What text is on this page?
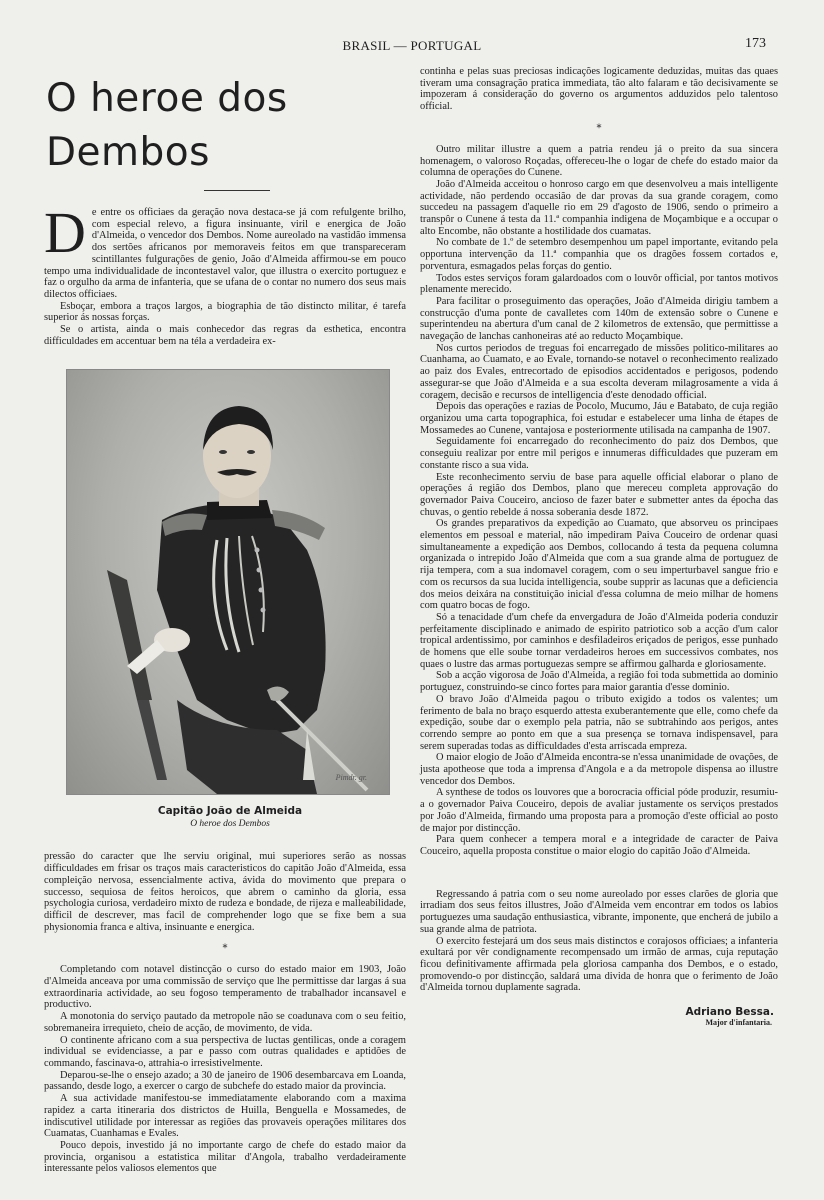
BRASIL — PORTUGAL	173
O heroe dos Dembos

De entre os officiaes da geração nova destaca-se já com refulgente brilho, com especial relevo, a figura insinuante, viril e energica de João d'Almeida, o vencedor dos Dembos. Nome aureolado na vastidão immensa dos sertões africanos por memoraveis feitos em que transpareceram scintillantes fulgurações de genio, João d'Almeida affirmou-se em pouco tempo uma individualidade de incontestavel valor, que illustra o exercito portuguez e faz o orgulho da arma de infanteria, que se ufana de o contar no numero dos seus mais dilectos officiaes.

Esboçar, embora a traços largos, a biographia de tão distincto militar, é tarefa superior ás nossas forças.

Se o artista, ainda o mais conhecedor das regras da esthetica, encontra difficuldades em accentuar bem na téla a verdadeira ex-

Pimdr. gr.
Capitão João de Almeida
O heroe dos Dembos

pressão do caracter que lhe serviu original, mui superiores serão as nossas difficuldades em frisar os traços mais caracteristicos do capitão João d'Almeida, essa compleição nervosa, essencialmente activa, ávida do movimento que prepara o successo, sequiosa de feitos heroicos, que abrem o caminho da gloria, essa psychologia curiosa, verdadeiro mixto de rudeza e bondade, de rijeza e malleabilidade, difficil de descrever, mas facil de comprehender logo que se fixe bem a sua physionomia franca e altiva, insinuante e energica.

*

Completando com notavel distincção o curso do estado maior em 1903, João d'Almeida anceava por uma commissão de serviço que lhe permittisse dar largas á sua extraordinaria actividade, ao seu fogoso temperamento de trabalhador incansavel e productivo.

A monotonia do serviço pautado da metropole não se coadunava com o seu feitio, sobremaneira irrequieto, cheio de acção, de movimento, de vida.

O continente africano com a sua perspectiva de luctas gentilicas, onde a coragem individual se evidenciasse, a par e passo com outras qualidades e aptidões de commando, fascinava-o, attrahia-o irresistivelmente.

Deparou-se-lhe o ensejo azado; a 30 de janeiro de 1906 desembarcava em Loanda, passando, desde logo, a exercer o cargo de subchefe do estado maior da provincia.

A sua actividade manifestou-se immediatamente elaborando com a maxima rapidez a carta itineraria dos districtos de Huilla, Benguella e Mossamedes, de indiscutivel utilidade por interessar as regiões das provaveis operações militares dos Cuamatas, Cuanhamas e Evales.

Pouco depois, investido já no importante cargo de chefe do estado maior da provincia, organisou a estatistica militar d'Angola, trabalho verdadeiramente interessante pelos valiosos elementos que

continha e pelas suas preciosas indicações logicamente deduzidas, muitas das quaes tiveram uma consagração pratica immediata, tão alto falaram e tão decisivamente se impozeram á consideração do governo os argumentos adduzidos pelo talentoso official.

*

Outro militar illustre a quem a patria rendeu já o preito da sua sincera homenagem, o valoroso Roçadas, offereceu-lhe o logar de chefe do estado maior da columna de operações do Cunene.

João d'Almeida acceitou o honroso cargo em que desenvolveu a mais intelligente actividade, não perdendo occasião de dar provas da sua grande coragem, como succedeu na passagem d'aquelle rio em 29 d'agosto de 1906, sendo o primeiro a transpôr o Cunene á testa da 11.ª companhia indigena de Moçambique e a occupar o alto Encombe, não obstante a hostilidade dos cuamatas.

No combate de 1.º de setembro desempenhou um papel importante, evitando pela opportuna intervenção da 11.ª companhia que os dragões fossem cortados e, porventura, esmagados pelas forças do gentio.

Todos estes serviços foram galardoados com o louvôr official, por tantos motivos plenamente merecido.

Para facilitar o proseguimento das operações, João d'Almeida dirigiu tambem a construcção d'uma ponte de cavalletes com 140m de extensão sobre o Cunene e superintendeu na abertura d'um canal de 2 kilometros de extensão, que permittisse a navegação de lanchas canhoneiras até ao reducto Moçambique.

Nos curtos periodos de treguas foi encarregado de missões politico-militares ao Cuanhama, ao Cuamato, e ao Evale, tornando-se notavel o reconhecimento realizado ao paiz dos Evales, entrecortado de episodios accidentados e perigosos, podendo assegurar-se que João d'Almeida e a sua escolta deveram milagrosamente a vida á coragem, decisão e recursos de intelligencia d'este denodado official.

Depois das operações e razias de Pocolo, Mucumo, Jáu e Batabato, de cuja região organizou uma carta topographica, foi estudar e estabelecer uma linha de étapes de Mossamedes ao Cunene, vantajosa e posteriormente utilisada na campanha de 1907.

Seguidamente foi encarregado do reconhecimento do paiz dos Dembos, que conseguiu realizar por entre mil perigos e innumeras difficuldades que puzeram em constante risco a sua vida.

Este reconhecimento serviu de base para aquelle official elaborar o plano de operações á região dos Dembos, plano que mereceu completa approvação do governador Paiva Couceiro, ancioso de fazer bater e submetter antes da épocha das chuvas, o gentio rebelde á nossa soberania desde 1872.

Os grandes preparativos da expedição ao Cuamato, que absorveu os principaes elementos em pessoal e material, não impediram Paiva Couceiro de ordenar quasi simultaneamente a expedição aos Dembos, collocando á testa da pequena columna organizada o intrepido João d'Almeida que com a sua grande alma de portuguez de rija tempera, com a sua indomavel coragem, com o seu imperturbavel sangue frio e com os recursos da sua lucida intelligencia, soube supprir as lacunas que a deficiencia dos meios deixára na constituição inicial d'essa columna de meio milhar de homens com quatro bocas de fogo.

Só a tenacidade d'um chefe da envergadura de João d'Almeida poderia conduzir perfeitamente disciplinado e animado de espirito patriotico sob a acção d'um calor tropical ardentissimo, por caminhos e desfiladeiros eriçados de perigos, esse punhado de homens que elle soube tornar verdadeiros heroes em successivos combates, nos quaes o lustre das armas portuguezas sempre se affirmou galharda e gloriosamente.

Sob a acção vigorosa de João d'Almeida, a região foi toda submettida ao dominio portuguez, construindo-se cinco fortes para maior garantia d'esse dominio.

O bravo João d'Almeida pagou o tributo exigido a todos os valentes; um ferimento de bala no braço esquerdo attesta exuberantemente que elle, como chefe da expedição, soube dar o exemplo pela patria, não se subtrahindo aos perigos, antes correndo sempre ao ponto em que a sua presença se tornava indispensavel, para serem superadas todas as difficuldades d'esta arriscada empreza.

O maior elogio de João d'Almeida encontra-se n'essa unanimidade de ovações, de justa apotheose que toda a imprensa d'Angola e a da metropole dispensa ao illustre vencedor dos Dembos.

A synthese de todos os louvores que a borocracia official póde produzir, resumiu-a o governador Paiva Couceiro, depois de avaliar justamente os serviços prestados por João d'Almeida, firmando uma proposta para a promoção d'este official ao posto de major por distincção.

Para quem conhecer a tempera moral e a integridade de caracter de Paiva Couceiro, aquella proposta constitue o maior elogio do capitão João d'Almeida.

Regressando á patria com o seu nome aureolado por esses clarões de gloria que irradiam dos seus feitos illustres, João d'Almeida vem encontrar em todos os labios portuguezes uma saudação enthusiastica, vibrante, imponente, que encherá de jubilo a sua grande alma de patriota.

O exercito festejará um dos seus mais distinctos e corajosos officiaes; a infanteria exultará por vêr condignamente recompensado um irmão de armas, cuja reputação ficou definitivamente affirmada pela gloriosa campanha dos Dembos, e o estado, promovendo-o por distincção, saldará uma divida de honra que o ferimento de João d'Almeida tornou duplamente sagrada.

Adriano Bessa.
Major d'infantaria.
